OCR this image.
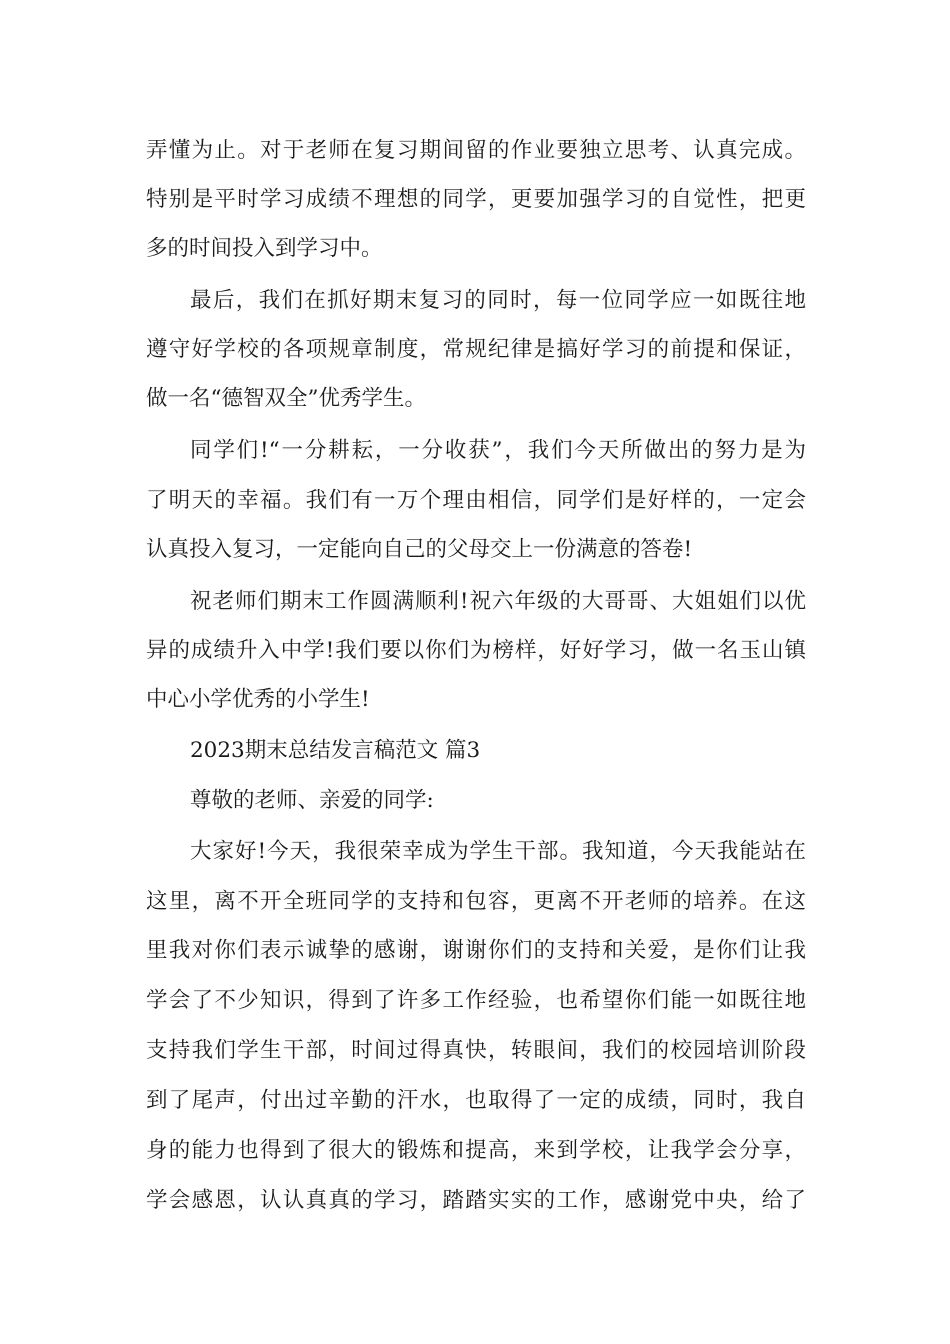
弄懂为止。对于老师在复习期间留的作业要独立思考、认真完成。
特别是平时学习成绩不理想的同学，更要加强学习的自觉性，把更
多的时间投入到学习中。
最后，我们在抓好期末复习的同时，每一位同学应一如既往地
遵守好学校的各项规章制度，常规纪律是搞好学习的前提和保证，
做一名“德智双全”优秀学生。
同学们!“一分耕耘，一分收获”，我们今天所做出的努力是为
了明天的幸福。我们有一万个理由相信，同学们是好样的，一定会
认真投入复习，一定能向自己的父母交上一份满意的答卷!
祝老师们期末工作圆满顺利!祝六年级的大哥哥、大姐姐们以优
异的成绩升入中学!我们要以你们为榜样，好好学习，做一名玉山镇
中心小学优秀的小学生!
2023期末总结发言稿范文 篇3
尊敬的老师、亲爱的同学:
大家好!今天，我很荣幸成为学生干部。我知道，今天我能站在
这里，离不开全班同学的支持和包容，更离不开老师的培养。在这
里我对你们表示诚挚的感谢，谢谢你们的支持和关爱，是你们让我
学会了不少知识，得到了许多工作经验，也希望你们能一如既往地
支持我们学生干部，时间过得真快，转眼间，我们的校园培训阶段
到了尾声，付出过辛勤的汗水，也取得了一定的成绩，同时，我自
身的能力也得到了很大的锻炼和提高，来到学校，让我学会分享，
学会感恩，认认真真的学习，踏踏实实的工作，感谢党中央，给了
